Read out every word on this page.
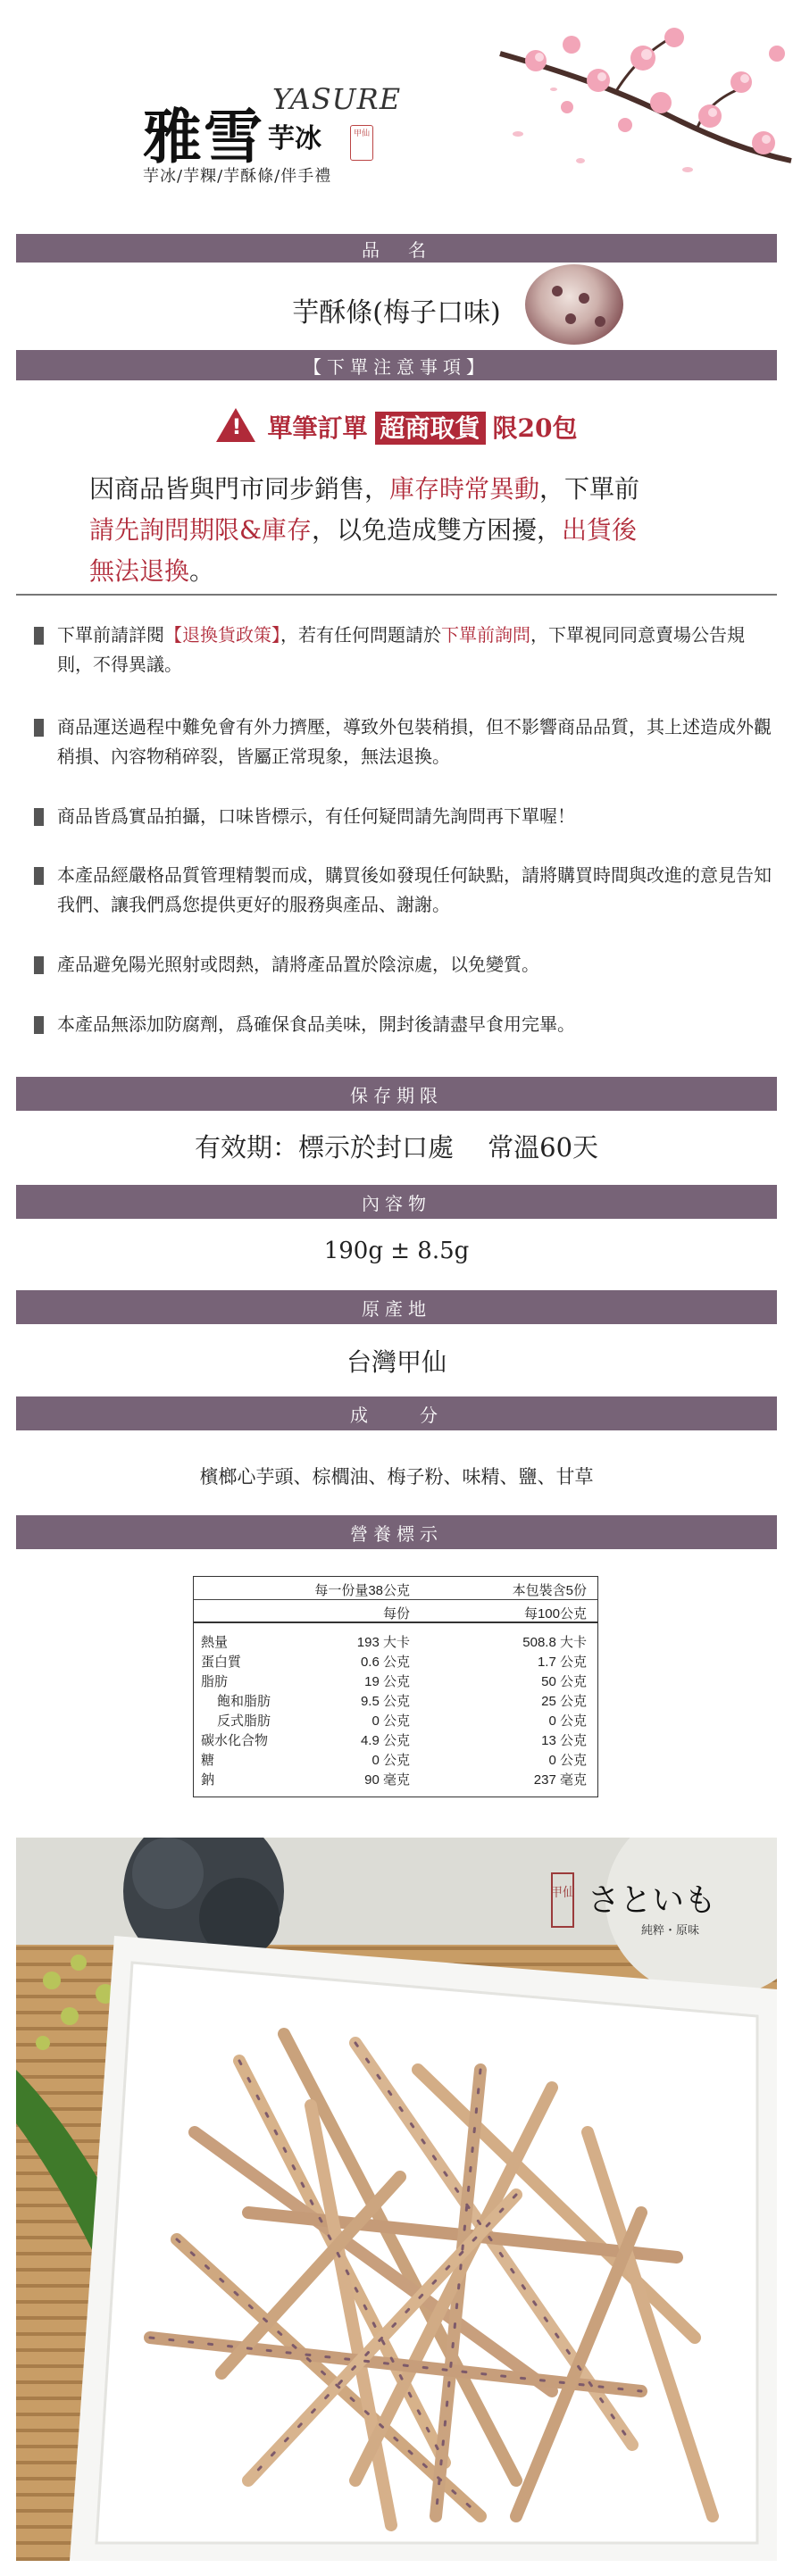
雅雪
YASURE
芋冰	甲仙
芋冰/芋粿/芋酥條/伴手禮
品　名
芋酥條(梅子口味)
【下單注意事項】
!單筆訂單 超商取貨 限20包
因商品皆與門市同步銷售，庫存時常異動，下單前
請先詢問期限&庫存，以免造成雙方困擾，出貨後
無法退換。
下單前請詳閱【退換貨政策】，若有任何問題請於下單前詢問，下單視同同意賣場公告規則，不得異議。
商品運送過程中難免會有外力擠壓，導致外包裝稍損，但不影響商品品質，其上述造成外觀稍損、內容物稍碎裂，皆屬正常現象，無法退換。
商品皆爲實品拍攝，口味皆標示，有任何疑問請先詢問再下單喔！
本產品經嚴格品質管理精製而成，購買後如發現任何缺點，請將購買時間與改進的意見告知我們、讓我們爲您提供更好的服務與產品、謝謝。
產品避免陽光照射或悶熱，請將產品置於陰涼處，以免變質。
本產品無添加防腐劑，爲確保食品美味，開封後請盡早食用完畢。
保存期限
有效期：標示於封口處　 常溫60天
內容物
190g ± 8.5g
原產地
台灣甲仙
成　　分
檳榔心芋頭、棕櫚油、梅子粉、味精、鹽、甘草
營養標示
每一份量38公克	本包裝含5份
每份	每100公克
熱量	193 大卡	508.8 大卡
蛋白質	0.6 公克	1.7 公克
脂肪	19 公克	50 公克
飽和脂肪	9.5 公克	25 公克
反式脂肪	0 公克	0 公克
碳水化合物	4.9 公克	13 公克
糖	0 公克	0 公克
鈉	90 毫克	237 毫克
甲仙 さといも
純粹・原味
